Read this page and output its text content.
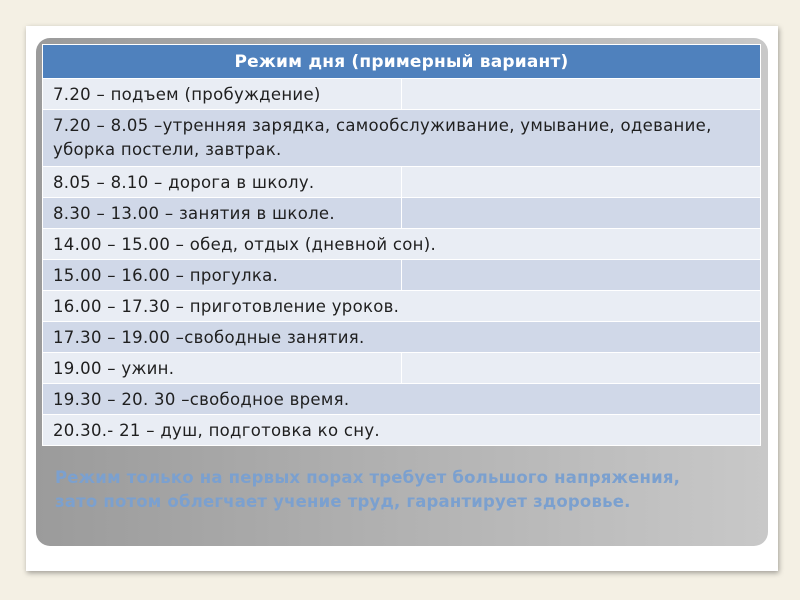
Режим дня (примерный вариант)	
7.20 – подъем (пробуждение)	
7.20 – 8.05 –утренняя зарядка, самообслуживание, умывание, одевание, уборка постели, завтрак.	
8.05 – 8.10 – дорога в школу.	
8.30 – 13.00 – занятия в школе.	
14.00 – 15.00 – обед, отдых (дневной сон).	
15.00 – 16.00 – прогулка.	
16.00 – 17.30 – приготовление уроков.	
17.30 – 19.00 –свободные занятия.	
19.00 – ужин.	
19.30 – 20. 30 –свободное время.	
20.30.- 21 – душ, подготовка ко сну.	

Режим только на первых порах требует большого напряжения, зато потом облегчает учение труд, гарантирует здоровье.
